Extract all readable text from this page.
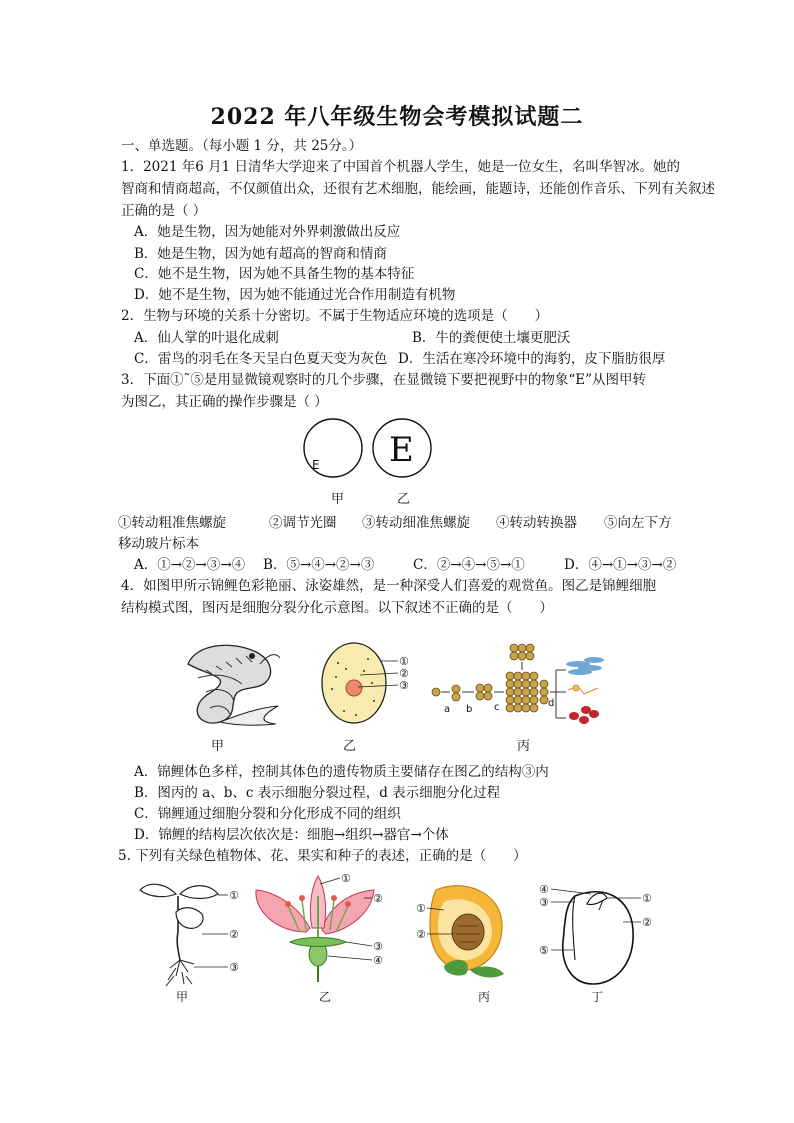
2022 年八年级生物会考模拟试题二
一、单选题。（每小题 1 分，共 25分。）
1．2021 年6 月1 日清华大学迎来了中国首个机器人学生，她是一位女生，名叫华智冰。她的
智商和情商超高，不仅颜值出众，还很有艺术细胞，能绘画，能题诗，还能创作音乐、下列有关叙述
正确的是（ ）
A．她是生物，因为她能对外界刺激做出反应
B．她是生物，因为她有超高的智商和情商
C．她不是生物，因为她不具备生物的基本特征
D．她不是生物，因为她不能通过光合作用制造有机物
2．生物与环境的关系十分密切。不属于生物适应环境的选项是（　　）
A．仙人掌的叶退化成刺	B．牛的粪便使土壤更肥沃
C．雷鸟的羽毛在冬天呈白色夏天变为灰色 D．生活在寒冷环境中的海豹，皮下脂肪很厚
3．下面①˜⑤是用显微镜观察时的几个步骤，在显微镜下要把视野中的物象“E”从图甲转
为图乙，其正确的操作步骤是（ ）
E E
甲	乙
①转动粗准焦螺旋	②调节光圈 ③转动细准焦螺旋 ④转动转换器 ⑤向左下方
移动玻片标本
A．①→②→③→④ B．⑤→④→②→③	C．②→④→⑤→①	D．④→①→③→②
4．如图甲所示锦鲤色彩艳丽、泳姿雄然，是一种深受人们喜爱的观赏鱼。图乙是锦鲤细胞
结构模式图，图丙是细胞分裂分化示意图。以下叙述不正确的是（　　）
①
②
③
a b c	d
甲	乙	丙
A．锦鲤体色多样，控制其体色的遗传物质主要储存在图乙的结构③内
B．图丙的 a、b、c 表示细胞分裂过程，d 表示细胞分化过程
C．锦鲤通过细胞分裂和分化形成不同的组织
D．锦鲤的结构层次依次是：细胞→组织→器官→个体
5. 下列有关绿色植物体、花、果实和种子的表述，正确的是（　　）
①
②
③
①
②
③
④
①
②
④
③	①
②
⑤
甲	乙	丙	丁
